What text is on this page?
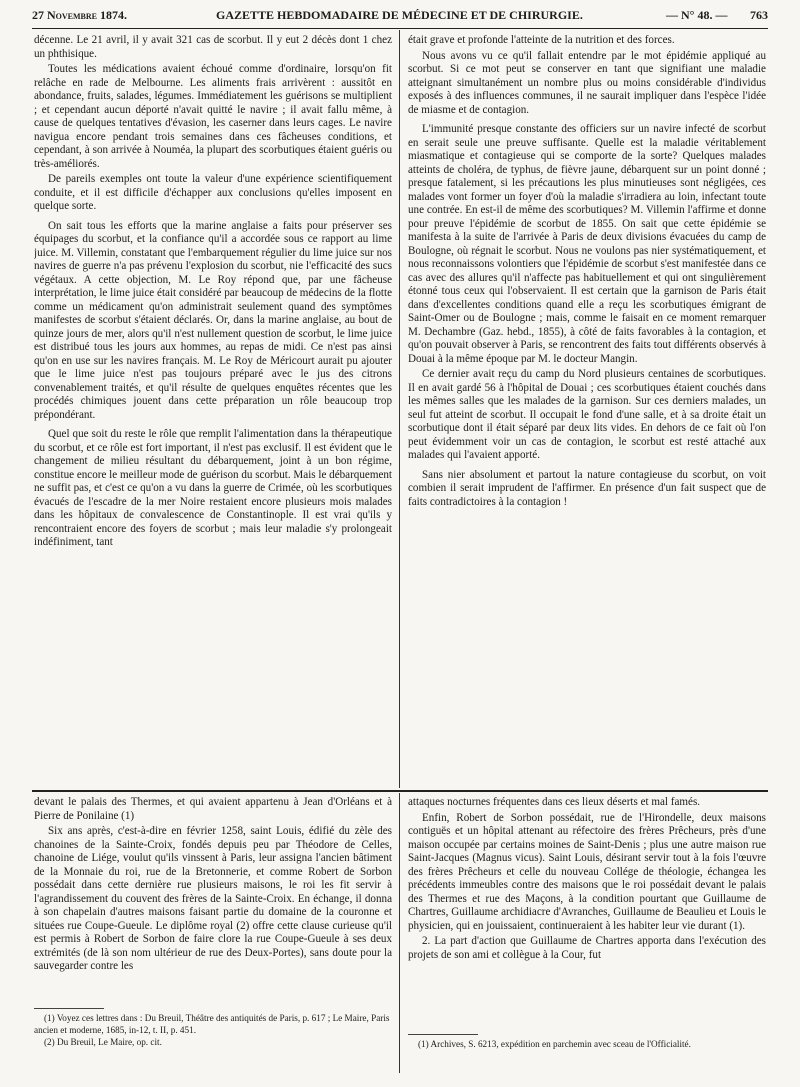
27 Novembre 1874.	GAZETTE HEBDOMADAIRE DE MÉDECINE ET DE CHIRURGIE.	— N° 48. — 763

décenne. Le 21 avril, il y avait 321 cas de scorbut. Il y eut 2 décès dont 1 chez un phthisique.

Toutes les médications avaient échoué comme d'ordinaire, lorsqu'on fit relâche en rade de Melbourne. Les aliments frais arrivèrent : aussitôt en abondance, fruits, salades, légumes. Immédiatement les guérisons se multiplient ; et cependant aucun déporté n'avait quitté le navire ; il avait fallu même, à cause de quelques tentatives d'évasion, les caserner dans leurs cages. Le navire navigua encore pendant trois semaines dans ces fâcheuses conditions, et cependant, à son arrivée à Nouméa, la plupart des scorbutiques étaient guéris ou très-améliorés.

De pareils exemples ont toute la valeur d'une expérience scientifiquement conduite, et il est difficile d'échapper aux conclusions qu'elles imposent en quelque sorte.

On sait tous les efforts que la marine anglaise a faits pour préserver ses équipages du scorbut, et la confiance qu'il a accordée sous ce rapport au lime juice. M. Villemin, constatant que l'embarquement régulier du lime juice sur nos navires de guerre n'a pas prévenu l'explosion du scorbut, nie l'efficacité des sucs végétaux. A cette objection, M. Le Roy répond que, par une fâcheuse interprétation, le lime juice était considéré par beaucoup de médecins de la flotte comme un médicament qu'on administrait seulement quand des symptômes manifestes de scorbut s'étaient déclarés. Or, dans la marine anglaise, au bout de quinze jours de mer, alors qu'il n'est nullement question de scorbut, le lime juice est distribué tous les jours aux hommes, au repas de midi. Ce n'est pas ainsi qu'on en use sur les navires français. M. Le Roy de Méricourt aurait pu ajouter que le lime juice n'est pas toujours préparé avec le jus des citrons convenablement traités, et qu'il résulte de quelques enquêtes récentes que les procédés chimiques jouent dans cette préparation un rôle beaucoup trop prépondérant.

Quel que soit du reste le rôle que remplit l'alimentation dans la thérapeutique du scorbut, et ce rôle est fort important, il n'est pas exclusif. Il est évident que le changement de milieu résultant du débarquement, joint à un bon régime, constitue encore le meilleur mode de guérison du scorbut. Mais le débarquement ne suffit pas, et c'est ce qu'on a vu dans la guerre de Crimée, où les scorbutiques évacués de l'escadre de la mer Noire restaient encore plusieurs mois malades dans les hôpitaux de convalescence de Constantinople. Il est vrai qu'ils y rencontraient encore des foyers de scorbut ; mais leur maladie s'y prolongeait indéfiniment, tant

était grave et profonde l'atteinte de la nutrition et des forces.

Nous avons vu ce qu'il fallait entendre par le mot épidémie appliqué au scorbut. Si ce mot peut se conserver en tant que signifiant une maladie atteignant simultanément un nombre plus ou moins considérable d'individus exposés à des influences communes, il ne saurait impliquer dans l'espèce l'idée de miasme et de contagion.

L'immunité presque constante des officiers sur un navire infecté de scorbut en serait seule une preuve suffisante. Quelle est la maladie véritablement miasmatique et contagieuse qui se comporte de la sorte? Quelques malades atteints de choléra, de typhus, de fièvre jaune, débarquent sur un point donné ; presque fatalement, si les précautions les plus minutieuses sont négligées, ces malades vont former un foyer d'où la maladie s'irradiera au loin, infectant toute une contrée. En est-il de même des scorbutiques? M. Villemin l'affirme et donne pour preuve l'épidémie de scorbut de 1855. On sait que cette épidémie se manifesta à la suite de l'arrivée à Paris de deux divisions évacuées du camp de Boulogne, où régnait le scorbut. Nous ne voulons pas nier systématiquement, et nous reconnaissons volontiers que l'épidémie de scorbut s'est manifestée dans ce cas avec des allures qu'il n'affecte pas habituellement et qui ont singulièrement étonné tous ceux qui l'observaient. Il est certain que la garnison de Paris était dans d'excellentes conditions quand elle a reçu les scorbutiques émigrant de Saint-Omer ou de Boulogne ; mais, comme le faisait en ce moment remarquer M. Dechambre (Gaz. hebd., 1855), à côté de faits favorables à la contagion, et qu'on pouvait observer à Paris, se rencontrent des faits tout différents observés à Douai à la même époque par M. le docteur Mangin.

Ce dernier avait reçu du camp du Nord plusieurs centaines de scorbutiques. Il en avait gardé 56 à l'hôpital de Douai ; ces scorbutiques étaient couchés dans les mêmes salles que les malades de la garnison. Sur ces derniers malades, un seul fut atteint de scorbut. Il occupait le fond d'une salle, et à sa droite était un scorbutique dont il était séparé par deux lits vides. En dehors de ce fait où l'on peut évidemment voir un cas de contagion, le scorbut est resté attaché aux malades qui l'avaient apporté.

Sans nier absolument et partout la nature contagieuse du scorbut, on voit combien il serait imprudent de l'affirmer. En présence d'un fait suspect que de faits contradictoires à la contagion !

devant le palais des Thermes, et qui avaient appartenu à Jean d'Orléans et à Pierre de Ponilaine (1)

Six ans après, c'est-à-dire en février 1258, saint Louis, édifié du zèle des chanoines de la Sainte-Croix, fondés depuis peu par Théodore de Celles, chanoine de Liége, voulut qu'ils vinssent à Paris, leur assigna l'ancien bâtiment de la Monnaie du roi, rue de la Bretonnerie, et comme Robert de Sorbon possédait dans cette dernière rue plusieurs maisons, le roi les fit servir à l'agrandissement du couvent des frères de la Sainte-Croix. En échange, il donna à son chapelain d'autres maisons faisant partie du domaine de la couronne et situées rue Coupe-Gueule. Le diplôme royal (2) offre cette clause curieuse qu'il est permis à Robert de Sorbon de faire clore la rue Coupe-Gueule à ses deux extrémités (de là son nom ultérieur de rue des Deux-Portes), sans doute pour la sauvegarder contre les

attaques nocturnes fréquentes dans ces lieux déserts et mal famés.

Enfin, Robert de Sorbon possédait, rue de l'Hirondelle, deux maisons contiguës et un hôpital attenant au réfectoire des frères Prêcheurs, près d'une maison occupée par certains moines de Saint-Denis ; plus une autre maison rue Saint-Jacques (Magnus vicus). Saint Louis, désirant servir tout à la fois l'œuvre des frères Prêcheurs et celle du nouveau Collége de théologie, échangea les précédents immeubles contre des maisons que le roi possédait devant le palais des Thermes et rue des Maçons, à la condition pourtant que Guillaume de Chartres, Guillaume archidiacre d'Avranches, Guillaume de Beaulieu et Louis le physicien, qui en jouissaient, continueraient à les habiter leur vie durant (1).

2. La part d'action que Guillaume de Chartres apporta dans l'exécution des projets de son ami et collègue à la Cour, fut

(1) Voyez ces lettres dans : Du Breuil, Théâtre des antiquités de Paris, p. 617 ; Le Maire, Paris ancien et moderne, 1685, in-12, t. II, p. 451.

(2) Du Breuil, Le Maire, op. cit.	(1) Archives, S. 6213, expédition en parchemin avec sceau de l'Officialité.
